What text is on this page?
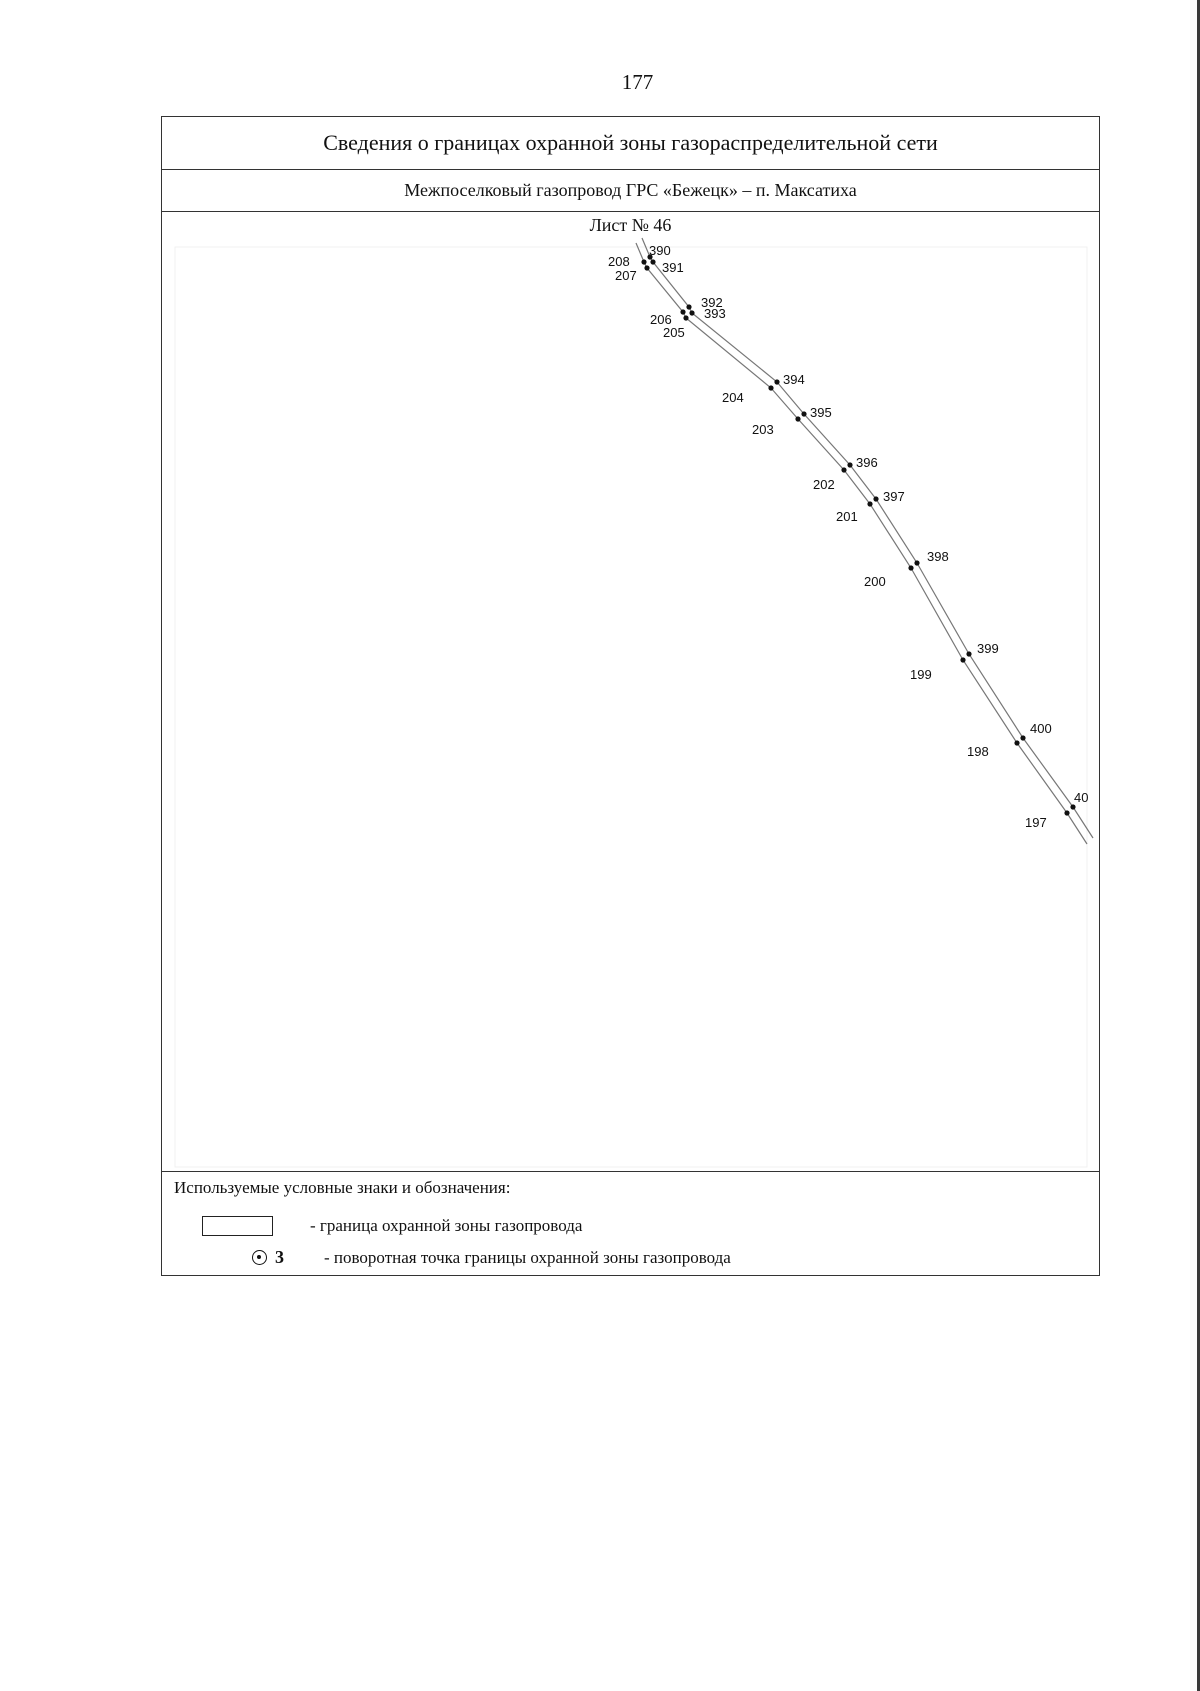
177
Сведения о границах охранной зоны газораспределительной сети
Межпоселковый газопровод ГРС «Бежецк» – п. Максатиха
Лист № 46
208
207
206
205
204
203
202
201
200
199
198
197
390
391
392
393
394
395
396
397
398
399
400
40
Используемые условные знаки и обозначения:
- граница охранной зоны газопровода
3 - поворотная точка границы охранной зоны газопровода
